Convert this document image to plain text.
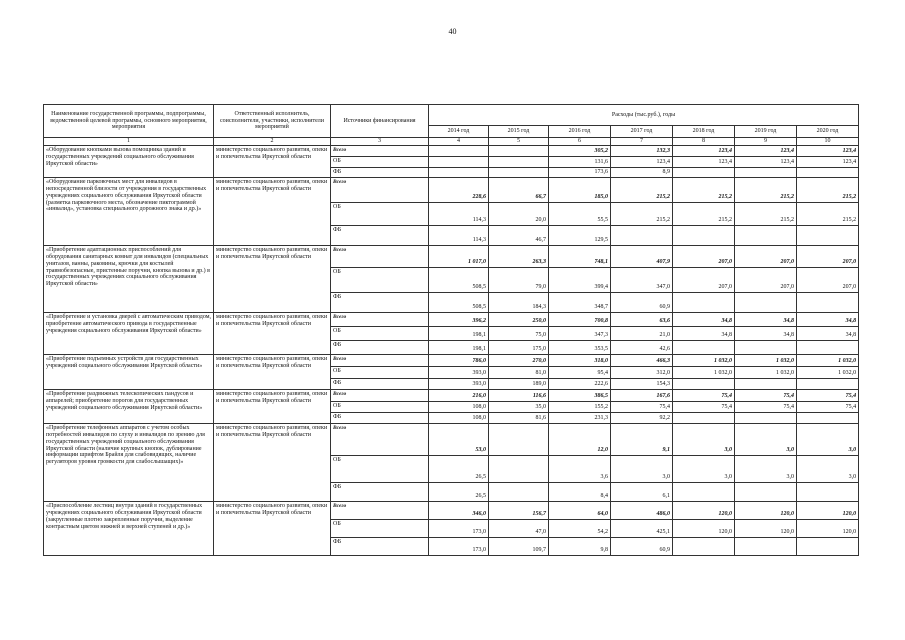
40
Наименование государственной программы, подпрограммы, ведомственной целевой программы, основного мероприятия, мероприятия	Ответственный исполнитель, соисполнители, участники, исполнители мероприятий	Источники финансирования	Расходы (тыс.руб.), годы						
			2014 год	2015 год	2016 год	2017 год	2018 год	2019 год	2020 год
1	2	3	4	5	6	7	8	9	10
«Оборудование кнопками вызова помощника зданий и государственных учреждений социального обслуживания Иркутской области»	министерство социального развития, опеки и попечительства Иркутской области	Всего			305,2	132,3	123,4	123,4	123,4
		ОБ			131,6	123,4	123,4	123,4	123,4
		ФБ			173,6	8,9			
«Оборудование парковочных мест для инвалидов в непосредственной близости от учреждения в государственных учреждениях социального обслуживания Иркутской области (разметка парковочного места, обозначение пиктограммой «инвалид», установка специального дорожного знака и др.)»	министерство социального развития, опеки и попечительства Иркутской области	Всего	228,6	66,7	185,0	215,2	215,2	215,2	215,2
		ОБ	114,3	20,0	55,5	215,2	215,2	215,2	215,2
		ФБ	114,3	46,7	129,5				
«Приобретение адаптационных приспособлений для оборудования санитарных комнат для инвалидов (специальных унитазов, ванны, раковины, крючки для костылей травмобезопасные, пристенные поручни, кнопка вызова и др.) в государственных учреждениях социального обслуживания Иркутской области»	министерство социального развития, опеки и попечительства Иркутской области	Всего	1 017,0	263,3	748,1	407,9	207,0	207,0	207,0
		ОБ	508,5	79,0	399,4	347,0	207,0	207,0	207,0
		ФБ	508,5	184,3	348,7	60,9			
«Приобретение и установка дверей с автоматическим приводом, приобретение автоматического привода в государственные учреждения социального обслуживания Иркутской области»	министерство социального развития, опеки и попечительства Иркутской области	Всего	396,2	250,0	700,8	63,6	34,8	34,8	34,8
		ОБ	198,1	75,0	347,3	21,0	34,8	34,8	34,8
		ФБ	198,1	175,0	353,5	42,6			
«Приобретение подъемных устройств для государственных учреждений социального обслуживания Иркутской области»	министерство социального развития, опеки и попечительства Иркутской области	Всего	786,0	270,0	318,0	466,3	1 032,0	1 032,0	1 032,0
		ОБ	393,0	81,0	95,4	312,0	1 032,0	1 032,0	1 032,0
		ФБ	393,0	189,0	222,6	154,3			
«Приобретение раздвижных телескопических пандусов и аппарелей; приобретение порогов для государственных учреждений социального обслуживания Иркутской области»	министерство социального развития, опеки и попечительства Иркутской области	Всего	216,0	116,6	386,5	167,6	75,4	75,4	75,4
		ОБ	108,0	35,0	155,2	75,4	75,4	75,4	75,4
		ФБ	108,0	81,6	231,3	92,2			
«Приобретение телефонных аппаратов с учетом особых потребностей инвалидов по слуху и инвалидов по зрению для государственных учреждений социального обслуживания Иркутской области (наличие крупных кнопок, дублирование информации шрифтом Брайля для слабовидящих, наличие регуляторов уровня громкости для слабослышащих)»	министерство социального развития, опеки и попечительства Иркутской области	Всего	53,0		12,0	9,1	3,0	3,0	3,0
		ОБ	26,5		3,6	3,0	3,0	3,0	3,0
		ФБ	26,5		8,4	6,1			
«Приспособление лестниц внутри зданий в государственных учреждениях социального обслуживания Иркутской области (закругленные плотно закрепленные поручни, выделение контрастным цветом нижней и верхней ступеней и др.)»	министерство социального развития, опеки и попечительства Иркутской области	Всего	346,0	156,7	64,0	486,0	120,0	120,0	120,0
		ОБ	173,0	47,0	54,2	425,1	120,0	120,0	120,0
		ФБ	173,0	109,7	9,8	60,9			
